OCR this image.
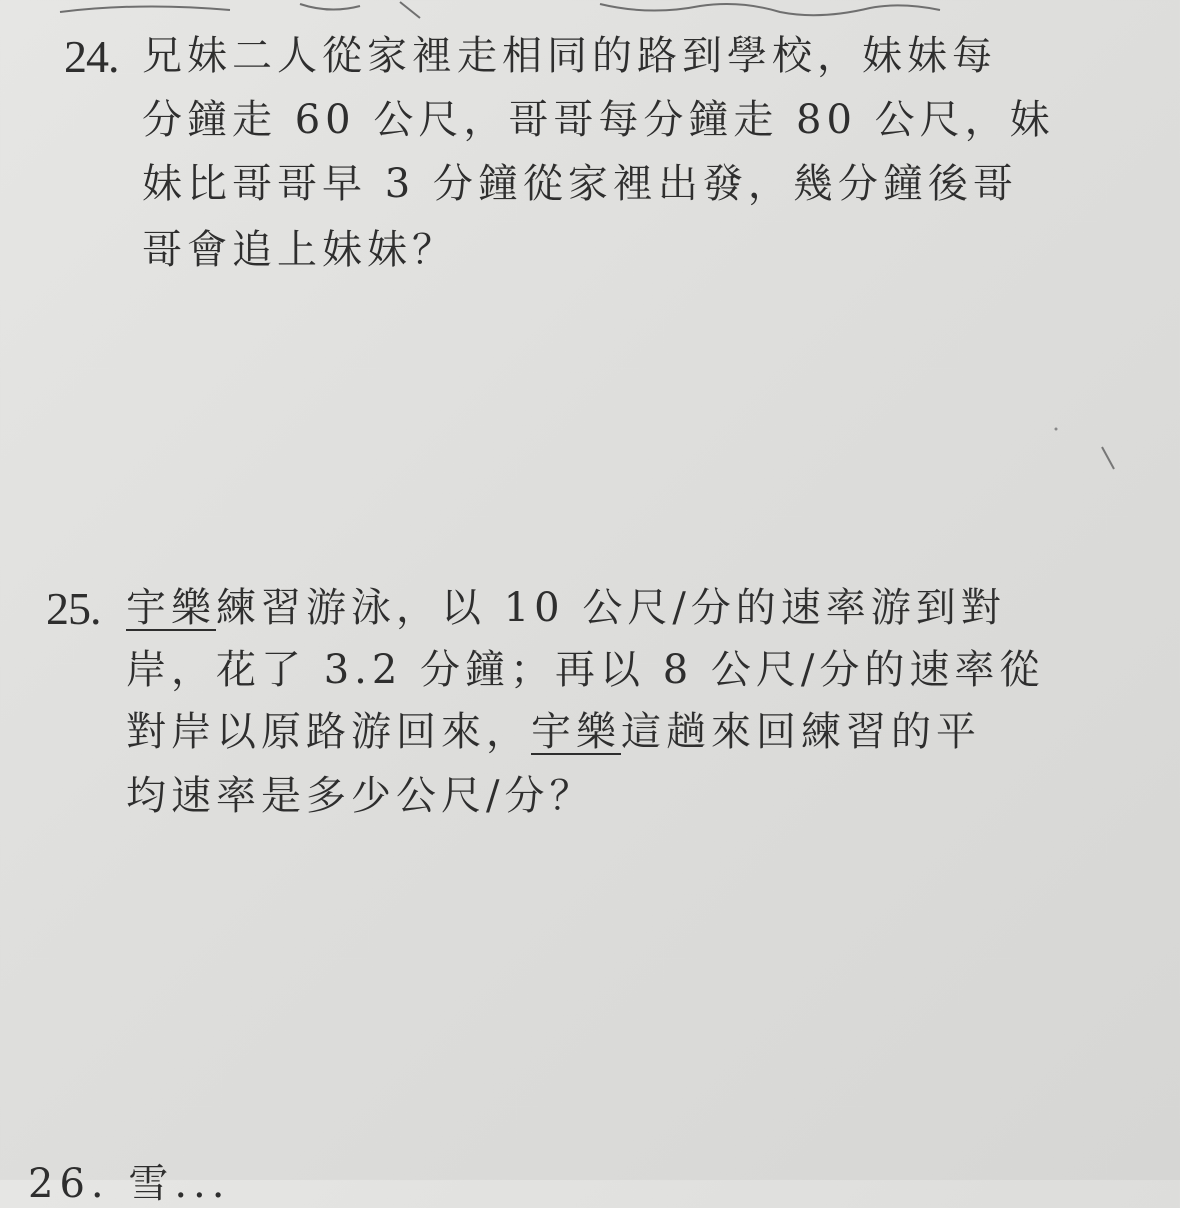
24. 兄妹二人從家裡走相同的路到學校，妹妹每
分鐘走 60 公尺，哥哥每分鐘走 80 公尺，妹
妹比哥哥早 3 分鐘從家裡出發，幾分鐘後哥
哥會追上妹妹？
25. 宇樂練習游泳，以 10 公尺/分的速率游到對
岸，花了 3.2 分鐘；再以 8 公尺/分的速率從
對岸以原路游回來，宇樂這趟來回練習的平
均速率是多少公尺/分？
26. 雪...
